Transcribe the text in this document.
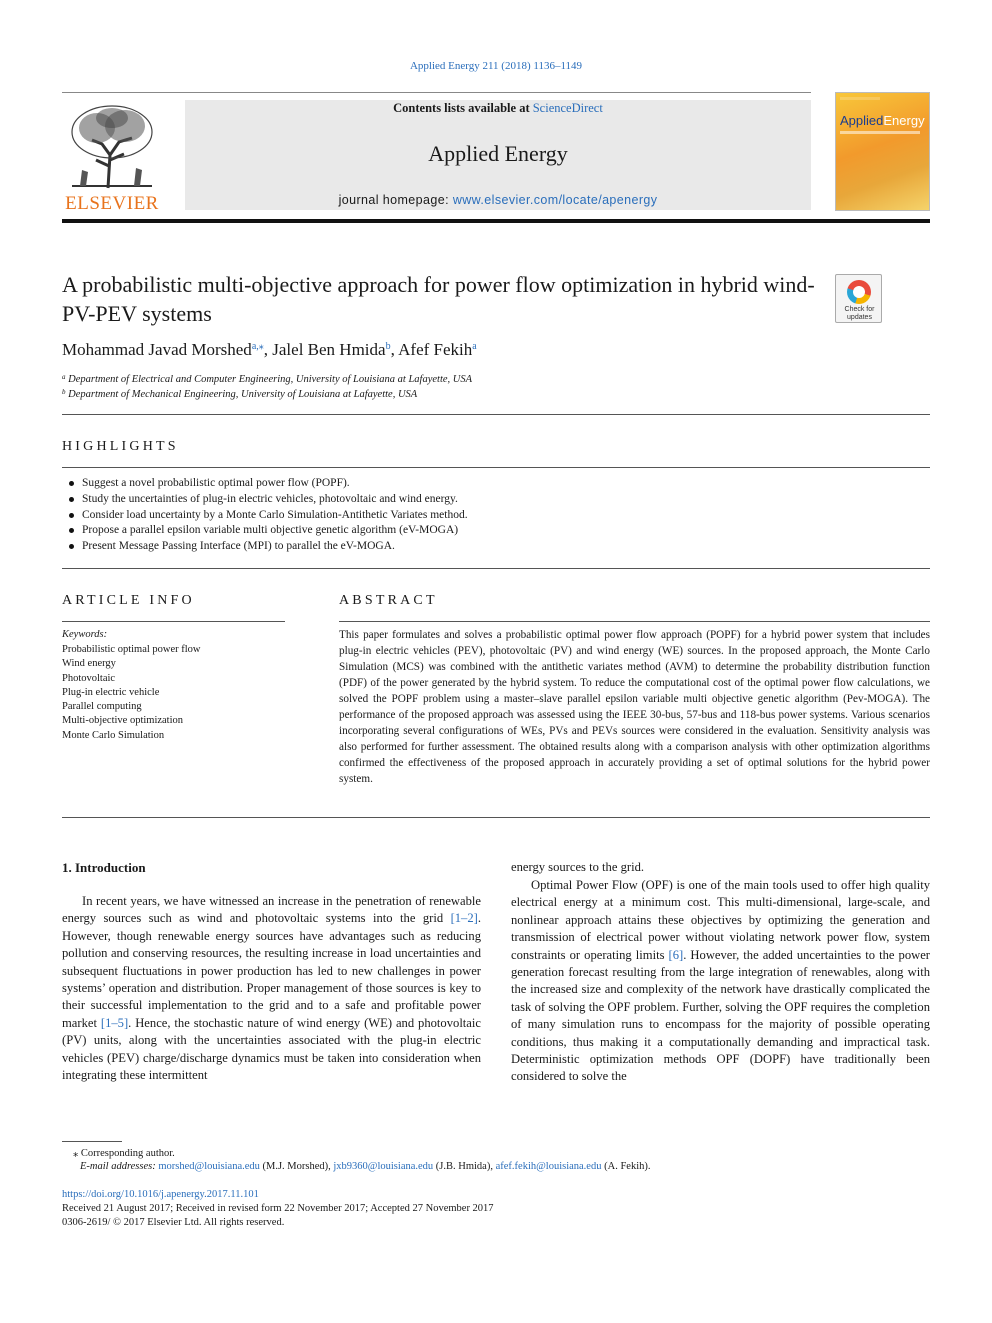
Applied Energy 211 (2018) 1136–1149
ELSEVIER
Contents lists available at ScienceDirect
Applied Energy
journal homepage: www.elsevier.com/locate/apenergy
AppliedEnergy
A probabilistic multi-objective approach for power flow optimization in hybrid wind-PV-PEV systems	Check for
updates
Mohammad Javad Morshed$^{a,⁎}$, Jalel Ben Hmida$^b$, Afef Fekih$^a$
$^a$ Department of Electrical and Computer Engineering, University of Louisiana at Lafayette, USA
$^b$ Department of Mechanical Engineering, University of Louisiana at Lafayette, USA
HIGHLIGHTS
Suggest a novel probabilistic optimal power flow (POPF).
Study the uncertainties of plug-in electric vehicles, photovoltaic and wind energy.
Consider load uncertainty by a Monte Carlo Simulation-Antithetic Variates method.
Propose a parallel epsilon variable multi objective genetic algorithm (eV-MOGA)
Present Message Passing Interface (MPI) to parallel the eV-MOGA.
ARTICLE INFO
Keywords:
Probabilistic optimal power flow
Wind energy
Photovoltaic
Plug-in electric vehicle
Parallel computing
Multi-objective optimization
Monte Carlo Simulation
ABSTRACT

This paper formulates and solves a probabilistic optimal power flow approach (POPF) for a hybrid power system that includes plug-in electric vehicles (PEV), photovoltaic (PV) and wind energy (WE) sources. In the proposed approach, the Monte Carlo Simulation (MCS) was combined with the antithetic variates method (AVM) to determine the probability distribution function (PDF) of the power generated by the hybrid system. To reduce the computational cost of the optimal power flow calculations, we solved the POPF problem using a master–slave parallel epsilon variable multi objective genetic algorithm (Pev-MOGA). The performance of the proposed approach was assessed using the IEEE 30-bus, 57-bus and 118-bus power systems. Various scenarios incorporating several configurations of WEs, PVs and PEVs sources were considered in the evaluation. Sensitivity analysis was also performed for further assessment. The obtained results along with a comparison analysis with other optimization algorithms confirmed the effectiveness of the proposed approach in accurately providing a set of optimal solutions for the hybrid power system.

1. Introduction

In recent years, we have witnessed an increase in the penetration of renewable energy sources such as wind and photovoltaic systems into the grid [1–2]. However, though renewable energy sources have advantages such as reducing pollution and conserving resources, the resulting increase in load uncertainties and subsequent fluctuations in power production has led to new challenges in power systems’ operation and distribution. Proper management of those sources is key to their successful implementation to the grid and to a safe and profitable power market [1–5]. Hence, the stochastic nature of wind energy (WE) and photovoltaic (PV) units, along with the uncertainties associated with the plug-in electric vehicles (PEV) charge/discharge dynamics must be taken into consideration when integrating these intermittent

energy sources to the grid.

Optimal Power Flow (OPF) is one of the main tools used to offer high quality electrical energy at a minimum cost. This multi-dimensional, large-scale, and nonlinear approach attains these objectives by optimizing the generation and transmission of electrical power without violating network power flow, system constraints or operating limits [6]. However, the added uncertainties to the power generation forecast resulting from the large integration of renewables, along with the increased size and complexity of the network have drastically complicated the task of solving the OPF problem. Further, solving the OPF requires the completion of many simulation runs to encompass for the majority of possible operating conditions, thus making it a computationally demanding and impractical task. Deterministic optimization methods OPF (DOPF) have traditionally been considered to solve the

⁎ Corresponding author.
E-mail addresses: morshed@louisiana.edu (M.J. Morshed), jxb9360@louisiana.edu (J.B. Hmida), afef.fekih@louisiana.edu (A. Fekih).
https://doi.org/10.1016/j.apenergy.2017.11.101
Received 21 August 2017; Received in revised form 22 November 2017; Accepted 27 November 2017
0306-2619/ © 2017 Elsevier Ltd. All rights reserved.
